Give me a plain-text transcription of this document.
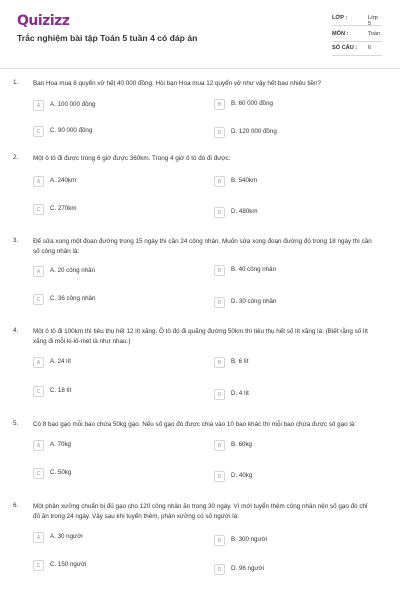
Quizizz
Trắc nghiệm bài tập Toán 5 tuần 4 có đáp án
LỚP :	Lớp 5
MÔN :	Toán
SỐ CÂU : 6
1. Bạn Hoa mua 8 quyển vở hết 40 000 đồng. Hỏi bạn Hoa mua 12 quyển vở như vậy hết bao nhiêu tiền?
A	A. 100 000 đồng	B	B. 60 000 đồng
C	C. 90 000 đồng	D	D. 120 000 đồng
2. Một ô tô đi được trong 6 giờ được 360km. Trong 4 giờ ô tô đó đi được:
A	A. 240km	B	B. 540km
C	C. 270km
D	D. 480km
3. Để sửa xong một đoạn đường trong 15 ngày thì cần 24 công nhân. Muốn sửa xong đoạn đường đó trong 18 ngày thì cần số công nhân là:
A	A. 20 công nhân	B	B. 40 công nhân
C	C. 36 công nhân
D	D. 30 công nhân
4. Một ô tô đi 100km thì tiêu thụ hết 12 lít xăng. Ô tô đó đi quãng đường 50km thì tiêu thụ hết số lít xăng là: (Biết rằng số lít xăng đi mỗi ki-lô-mét là như nhau.)
A	A. 24 lít	B	B. 6 lít
C	C. 18 lít
D	D. 4 lít
5. Có 8 bao gạo mỗi bao chứa 50kg gạo. Nếu số gạo đó được chia vào 10 bao khác thì mỗi bao chứa được số gạo là:
A	A. 70kg	B	B. 60kg
C	C. 50kg
D	D. 40kg
6. Một phân xưởng chuẩn bị đủ gạo cho 120 công nhân ăn trong 30 ngày. Vì mới tuyển thêm công nhân nên số gạo đó chỉ đủ ăn trong 24 ngày. Vậy sau khi tuyển thêm, phân xưởng có số người là:
A	A. 30 người
B	B. 300 người
C	C. 150 người
D	D. 96 người
